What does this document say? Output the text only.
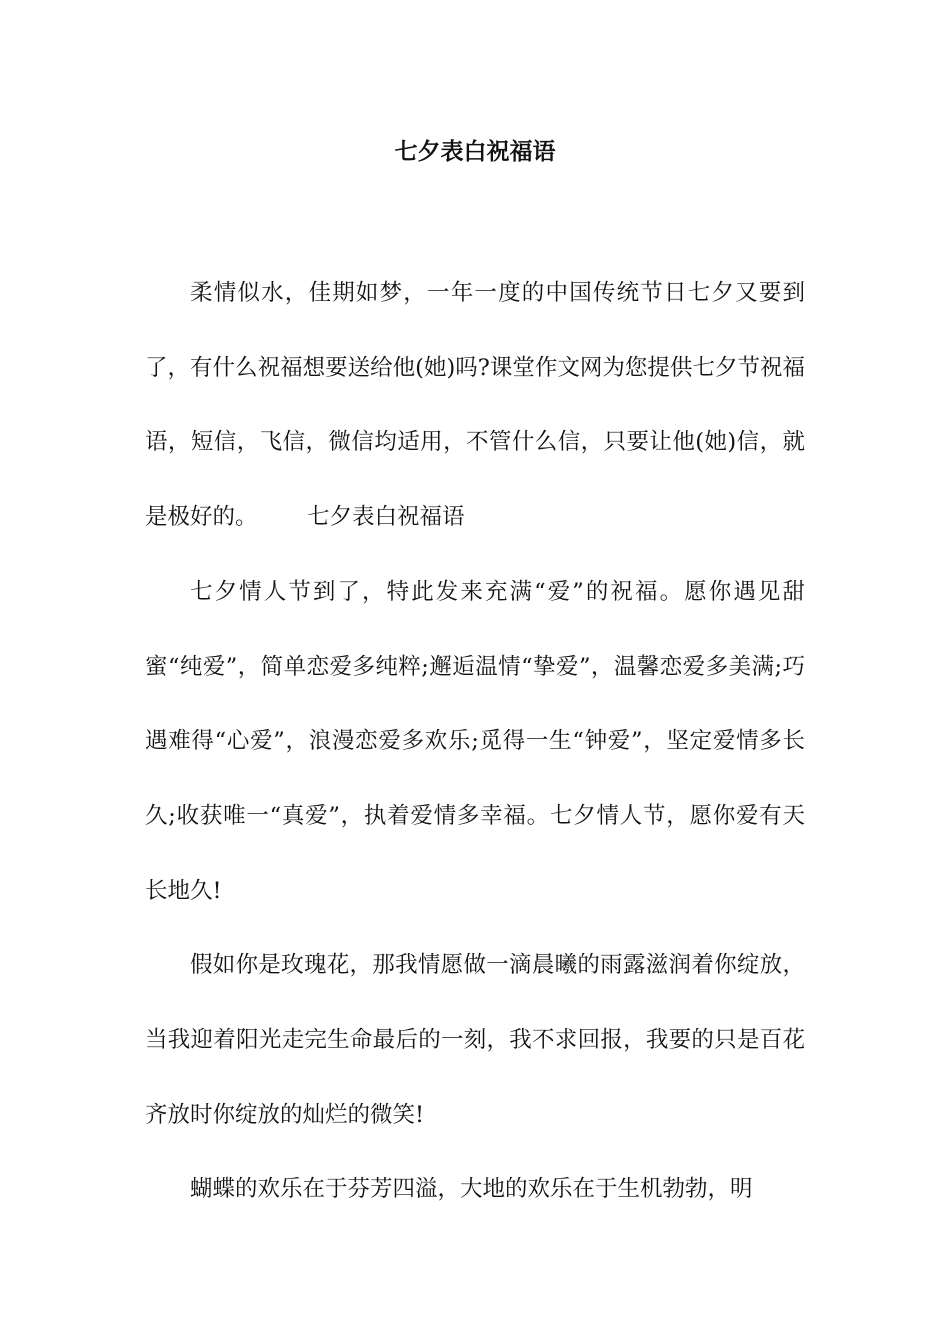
七夕表白祝福语

柔情似水，佳期如梦，一年一度的中国传统节日七夕又要到了，有什么祝福想要送给他(她)吗?课堂作文网为您提供七夕节祝福语，短信，飞信，微信均适用，不管什么信，只要让他(她)信，就是极好的。 七夕表白祝福语

七夕情人节到了，特此发来充满“爱”的祝福。愿你遇见甜蜜“纯爱”，简单恋爱多纯粹;邂逅温情“挚爱”，温馨恋爱多美满;巧遇难得“心爱”，浪漫恋爱多欢乐;觅得一生“钟爱”，坚定爱情多长久;收获唯一“真爱”，执着爱情多幸福。七夕情人节，愿你爱有天长地久!

假如你是玫瑰花，那我情愿做一滴晨曦的雨露滋润着你绽放，当我迎着阳光走完生命最后的一刻，我不求回报，我要的只是百花齐放时你绽放的灿烂的微笑!

蝴蝶的欢乐在于芬芳四溢，大地的欢乐在于生机勃勃，明
